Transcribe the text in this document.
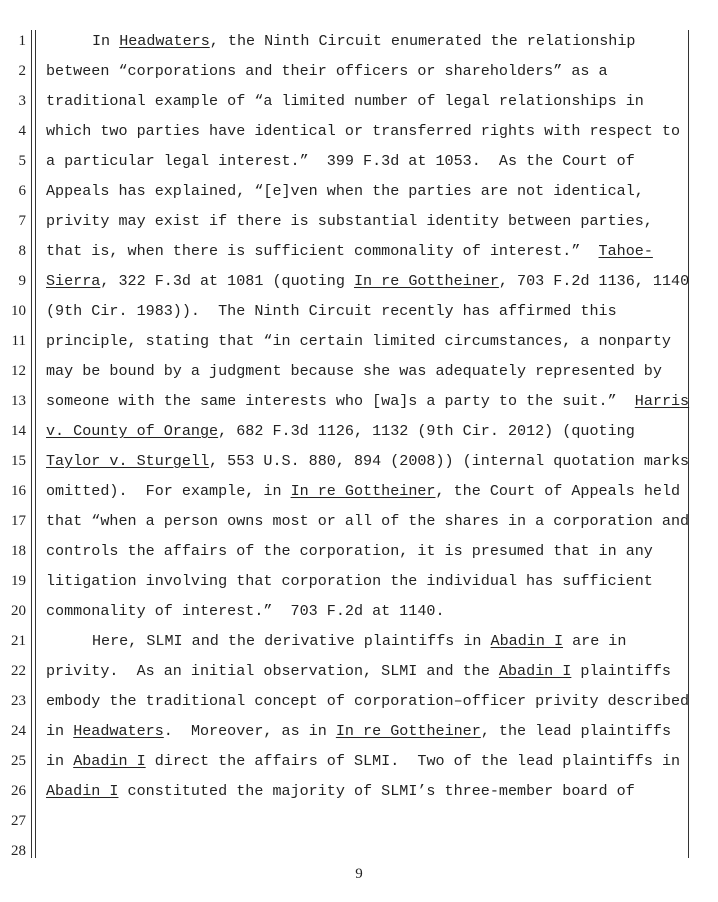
1
2
3
4
5
6
7
8
9
10
11
12
13
14
15
16
17
18
19
20
21
22
23
24
25
26
27
28
In Headwaters, the Ninth Circuit enumerated the relationship
between “corporations and their officers or shareholders” as a
traditional example of “a limited number of legal relationships in
which two parties have identical or transferred rights with respect to
a particular legal interest.”  399 F.3d at 1053.  As the Court of
Appeals has explained, “[e]ven when the parties are not identical,
privity may exist if there is substantial identity between parties,
that is, when there is sufficient commonality of interest.”  Tahoe-
Sierra, 322 F.3d at 1081 (quoting In re Gottheiner, 703 F.2d 1136, 1140
(9th Cir. 1983)).  The Ninth Circuit recently has affirmed this
principle, stating that “in certain limited circumstances, a nonparty
may be bound by a judgment because she was adequately represented by
someone with the same interests who [wa]s a party to the suit.”  Harris
v. County of Orange, 682 F.3d 1126, 1132 (9th Cir. 2012) (quoting
Taylor v. Sturgell, 553 U.S. 880, 894 (2008)) (internal quotation marks
omitted).  For example, in In re Gottheiner, the Court of Appeals held
that “when a person owns most or all of the shares in a corporation and
controls the affairs of the corporation, it is presumed that in any
litigation involving that corporation the individual has sufficient
commonality of interest.”  703 F.2d at 1140.
Here, SLMI and the derivative plaintiffs in Abadin I are in
privity.  As an initial observation, SLMI and the Abadin I plaintiffs
embody the traditional concept of corporation–officer privity described
in Headwaters.  Moreover, as in In re Gottheiner, the lead plaintiffs
in Abadin I direct the affairs of SLMI.  Two of the lead plaintiffs in
Abadin I constituted the majority of SLMI’s three-member board of
9
